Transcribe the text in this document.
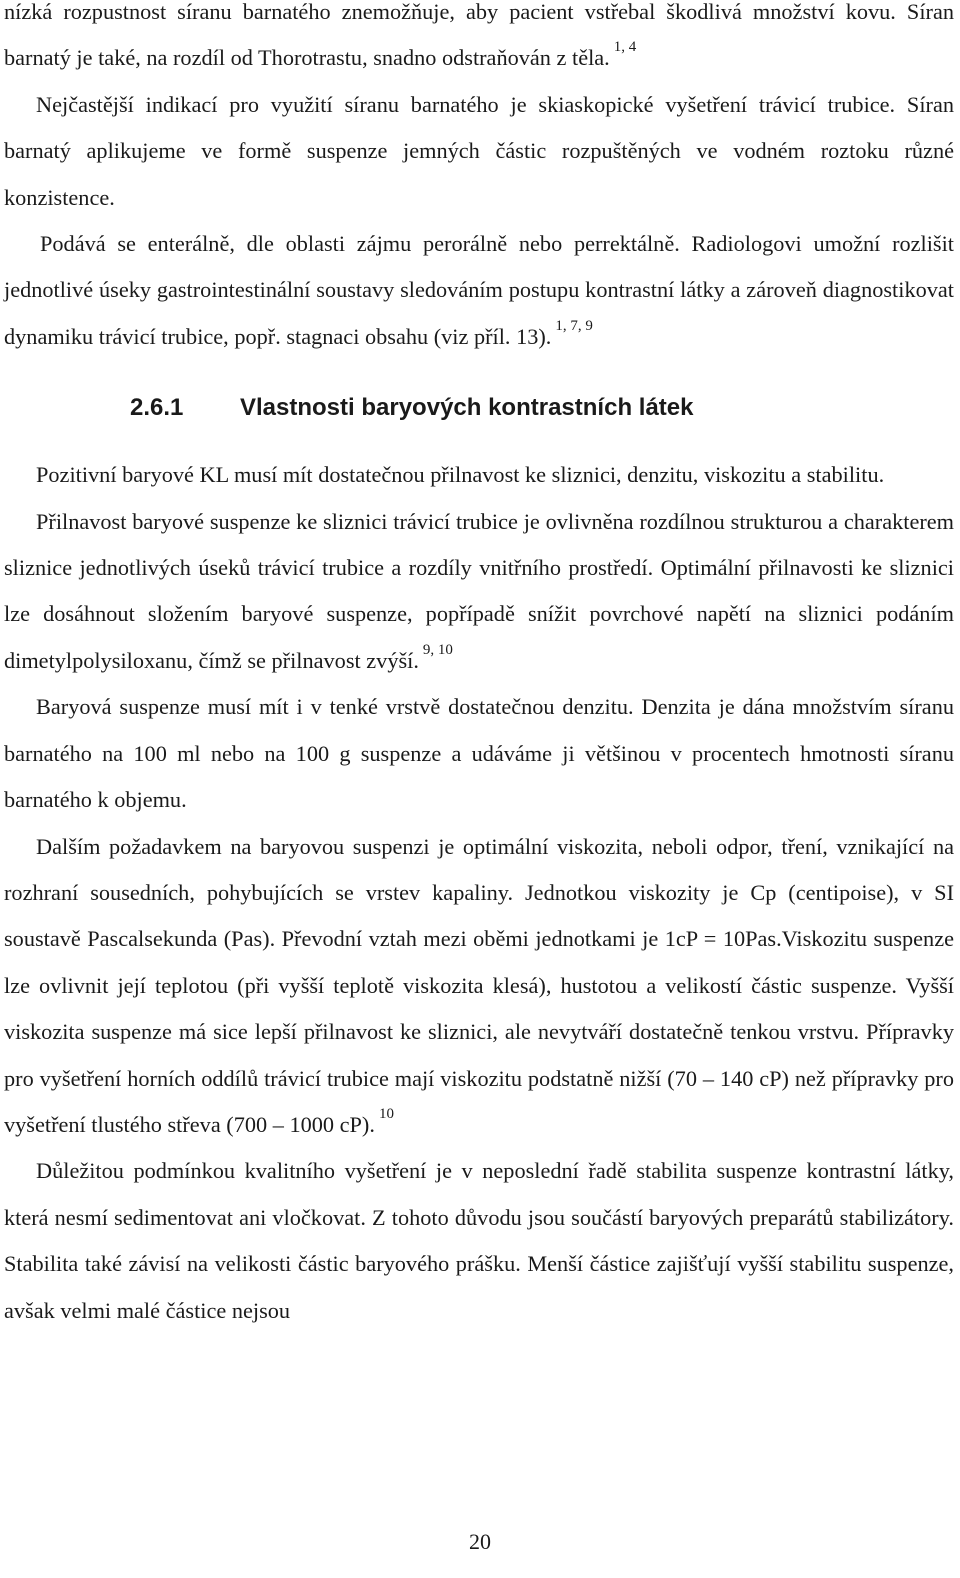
nízká rozpustnost síranu barnatého znemožňuje, aby pacient vstřebal škodlivá množství kovu. Síran barnatý je také, na rozdíl od Thorotrastu, snadno odstraňován z těla. $^{1, 4}$

Nejčastější indikací pro využití síranu barnatého je skiaskopické vyšetření trávicí trubice. Síran barnatý aplikujeme ve formě suspenze jemných částic rozpuštěných ve vodném roztoku různé konzistence.

Podává se enterálně, dle oblasti zájmu perorálně nebo perrektálně. Radiologovi umožní rozlišit jednotlivé úseky gastrointestinální soustavy sledováním postupu kontrastní látky a zároveň diagnostikovat dynamiku trávicí trubice, popř. stagnaci obsahu (viz příl. 13). $^{1, 7, 9}$

2.6.1 Vlastnosti baryových kontrastních látek

Pozitivní baryové KL musí mít dostatečnou přilnavost ke sliznici, denzitu, viskozitu a stabilitu.

Přilnavost baryové suspenze ke sliznici trávicí trubice je ovlivněna rozdílnou strukturou a charakterem sliznice jednotlivých úseků trávicí trubice a rozdíly vnitřního prostředí. Optimální přilnavosti ke sliznici lze dosáhnout složením baryové suspenze, popřípadě snížit povrchové napětí na sliznici podáním dimetylpolysiloxanu, čímž se přilnavost zvýší. $^{9, 10}$

Baryová suspenze musí mít i v tenké vrstvě dostatečnou denzitu. Denzita je dána množstvím síranu barnatého na 100 ml nebo na 100 g suspenze a udáváme ji většinou v procentech hmotnosti síranu barnatého k objemu.

Dalším požadavkem na baryovou suspenzi je optimální viskozita, neboli odpor, tření, vznikající na rozhraní sousedních, pohybujících se vrstev kapaliny. Jednotkou viskozity je Cp (centipoise), v SI soustavě Pascalsekunda (Pas). Převodní vztah mezi oběmi jednotkami je 1cP = 10Pas.Viskozitu suspenze lze ovlivnit její teplotou (při vyšší teplotě viskozita klesá), hustotou a velikostí částic suspenze. Vyšší viskozita suspenze má sice lepší přilnavost ke sliznici, ale nevytváří dostatečně tenkou vrstvu. Přípravky pro vyšetření horních oddílů trávicí trubice mají viskozitu podstatně nižší (70 – 140 cP) než přípravky pro vyšetření tlustého střeva (700 – 1000 cP). $^{10}$

Důležitou podmínkou kvalitního vyšetření je v neposlední řadě stabilita suspenze kontrastní látky, která nesmí sedimentovat ani vločkovat. Z tohoto důvodu jsou součástí baryových preparátů stabilizátory. Stabilita také závisí na velikosti částic baryového prášku. Menší částice zajišťují vyšší stabilitu suspenze, avšak velmi malé částice nejsou

20
